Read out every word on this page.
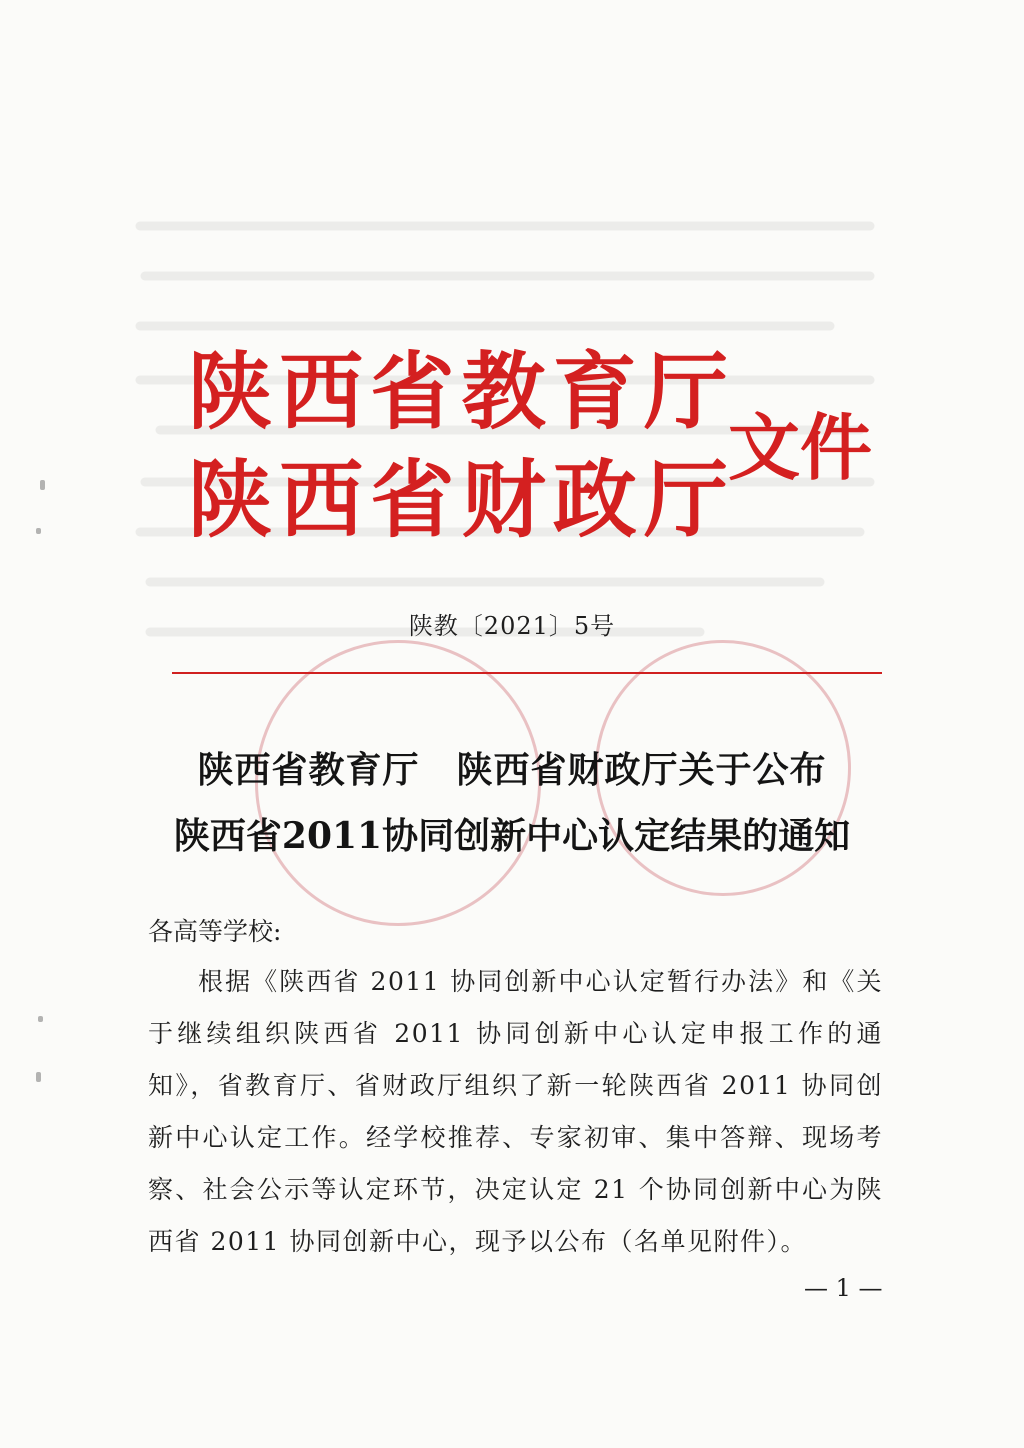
陕 西 省 教 育 厅
陕 西 省 财 政 厅
文件
陕教〔2021〕5号
陕西省教育厅　陕西省财政厅关于公布
陕西省2011协同创新中心认定结果的通知
各高等学校:
根据《陕西省 2011 协同创新中心认定暂行办法》和《关于继续组织陕西省 2011 协同创新中心认定申报工作的通知》，省教育厅、省财政厅组织了新一轮陕西省 2011 协同创新中心认定工作。经学校推荐、专家初审、集中答辩、现场考察、社会公示等认定环节，决定认定 21 个协同创新中心为陕西省 2011 协同创新中心，现予以公布（名单见附件）。
— 1 —
